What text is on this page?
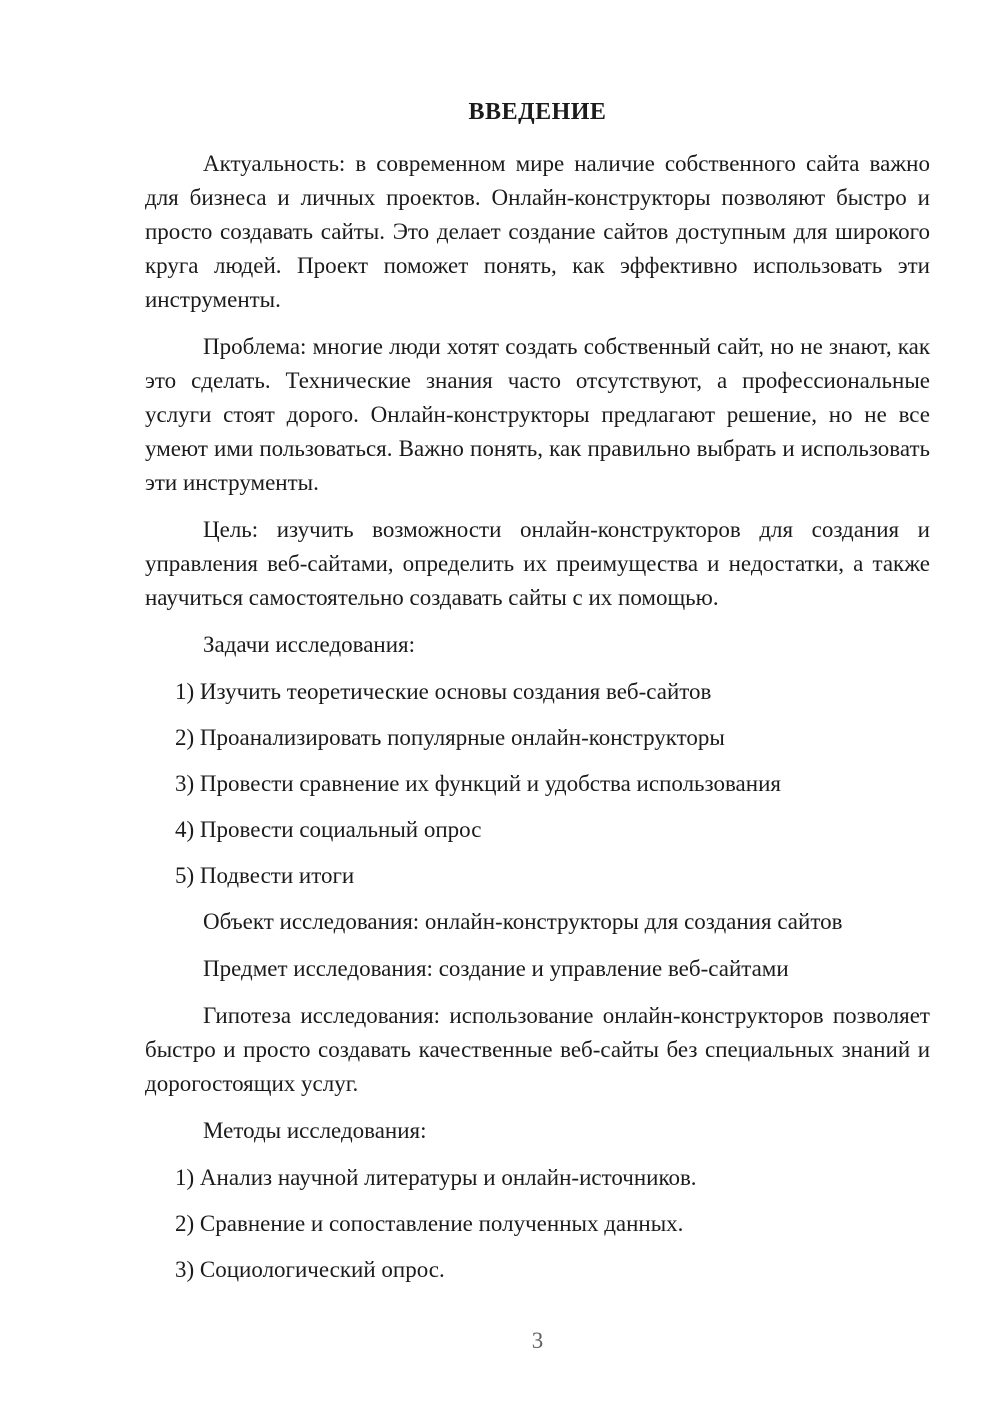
ВВЕДЕНИЕ

Актуальность: в современном мире наличие собственного сайта важно для бизнеса и личных проектов. Онлайн-конструкторы позволяют быстро и просто создавать сайты. Это делает создание сайтов доступным для широкого круга людей. Проект поможет понять, как эффективно использовать эти инструменты.

Проблема: многие люди хотят создать собственный сайт, но не знают, как это сделать. Технические знания часто отсутствуют, а профессиональные услуги стоят дорого. Онлайн-конструкторы предлагают решение, но не все умеют ими пользоваться. Важно понять, как правильно выбрать и использовать эти инструменты.

Цель: изучить возможности онлайн-конструкторов для создания и управления веб-сайтами, определить их преимущества и недостатки, а также научиться самостоятельно создавать сайты с их помощью.

Задачи исследования:

1) Изучить теоретические основы создания веб-сайтов

2) Проанализировать популярные онлайн-конструкторы

3) Провести сравнение их функций и удобства использования

4) Провести социальный опрос

5) Подвести итоги

Объект исследования: онлайн-конструкторы для создания сайтов

Предмет исследования: создание и управление веб-сайтами

Гипотеза исследования: использование онлайн-конструкторов позволяет быстро и просто создавать качественные веб-сайты без специальных знаний и дорогостоящих услуг.

Методы исследования:

1) Анализ научной литературы и онлайн-источников.

2) Сравнение и сопоставление полученных данных.

3) Социологический опрос.

3
